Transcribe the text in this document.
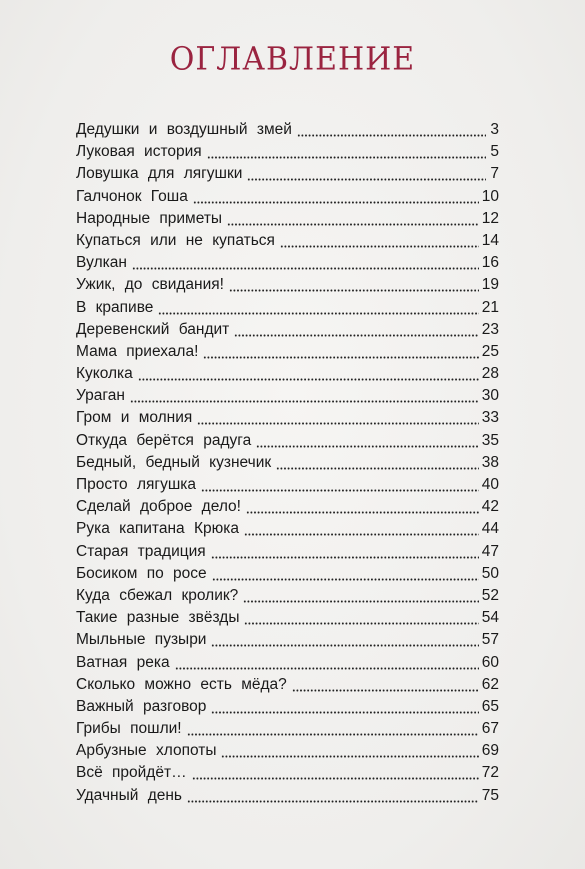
ОГЛАВЛЕНИЕ
Дедушки и воздушный змей	3
Луковая история	5
Ловушка для лягушки	7
Галчонок Гоша	10
Народные приметы	12
Купаться или не купаться	14
Вулкан	16
Ужик, до свидания!	19
В крапиве	21
Деревенский бандит	23
Мама приехала!	25
Куколка	28
Ураган	30
Гром и молния	33
Откуда берётся радуга	35
Бедный, бедный кузнечик	38
Просто лягушка	40
Сделай доброе дело!	42
Рука капитана Крюка	44
Старая традиция	47
Босиком по росе	50
Куда сбежал кролик?	52
Такие разные звёзды	54
Мыльные пузыри	57
Ватная река	60
Сколько можно есть мёда?	62
Важный разговор	65
Грибы пошли!	67
Арбузные хлопоты	69
Всё пройдёт…	72
Удачный день	75
